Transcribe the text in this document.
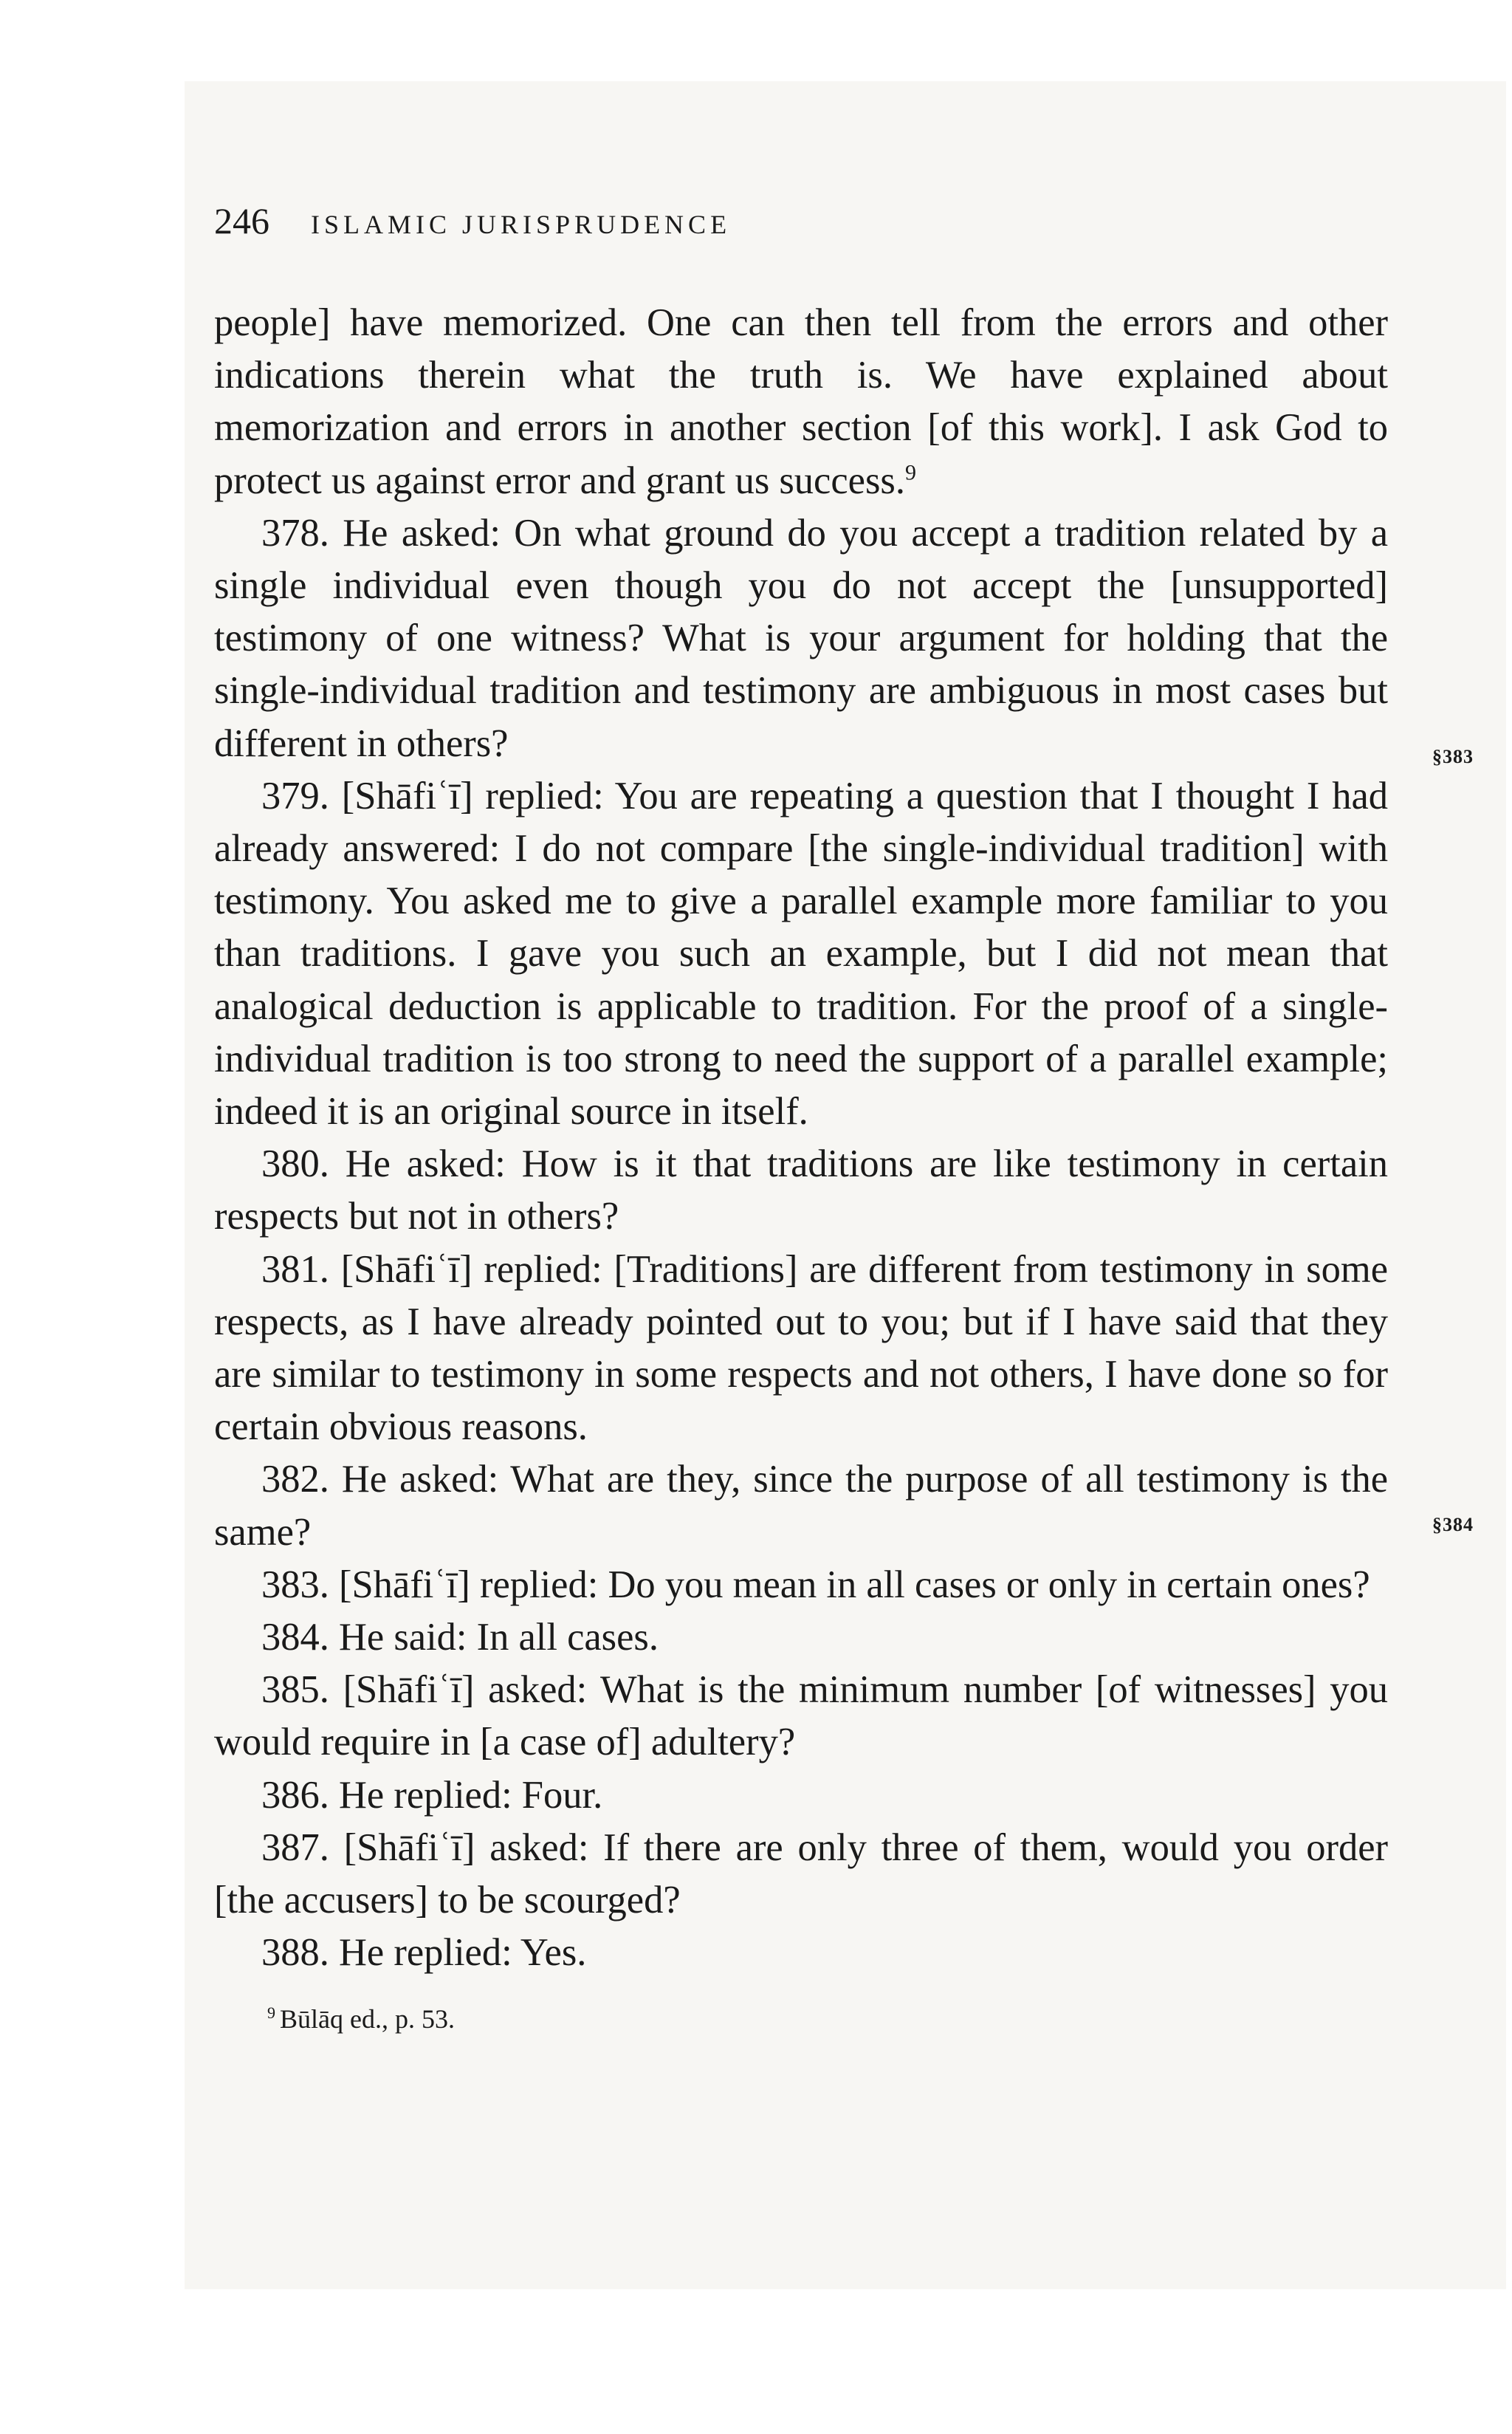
246 ISLAMIC JURISPRUDENCE

people] have memorized. One can then tell from the errors and other indications therein what the truth is. We have explained about memorization and errors in another section [of this work]. I ask God to protect us against error and grant us success.$^9$

378. He asked: On what ground do you accept a tradition related by a single individual even though you do not accept the [unsupported] testimony of one witness? What is your argument for holding that the single-individual tradition and testimony are ambiguous in most cases but different in others?

379. [Shāfiʿī] replied: You are repeating a question that I thought I had already answered: I do not compare [the single-individual tradition] with testimony. You asked me to give a parallel example more familiar to you than traditions. I gave you such an example, but I did not mean that analogical deduction is applicable to tradition. For the proof of a single-individual tradition is too strong to need the support of a parallel example; indeed it is an original source in itself.

380. He asked: How is it that traditions are like testimony in certain respects but not in others?

381. [Shāfiʿī] replied: [Traditions] are different from testimony in some respects, as I have already pointed out to you; but if I have said that they are similar to testimony in some respects and not others, I have done so for certain obvious reasons.

382. He asked: What are they, since the purpose of all testimony is the same?

383. [Shāfiʿī] replied: Do you mean in all cases or only in certain ones?

384. He said: In all cases.

385. [Shāfiʿī] asked: What is the minimum number [of witnesses] you would require in [a case of] adultery?

386. He replied: Four.

387. [Shāfiʿī] asked: If there are only three of them, would you order [the accusers] to be scourged?

388. He replied: Yes.

$^9$ Būlāq ed., p. 53.
§383
§384
